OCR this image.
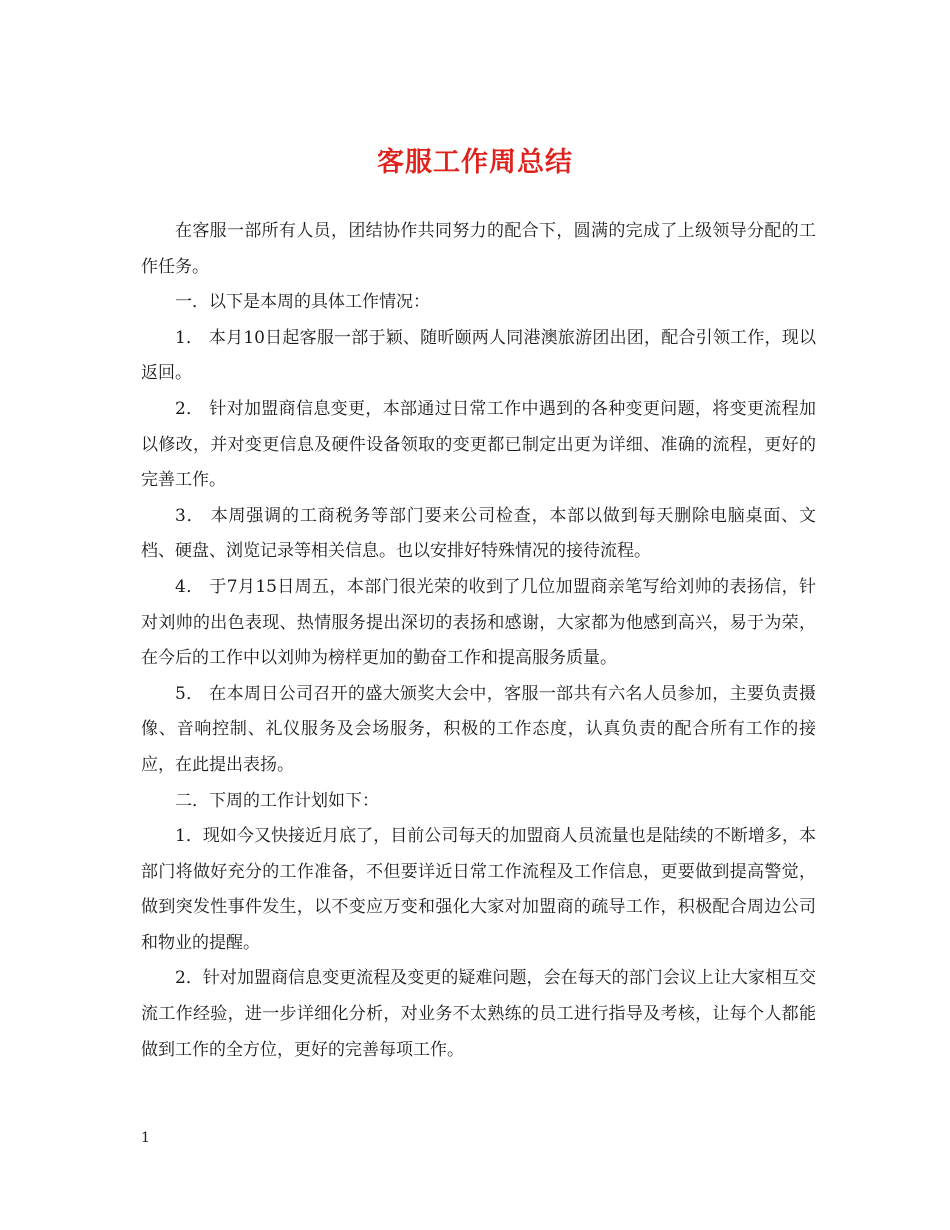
客服工作周总结

在客服一部所有人员，团结协作共同努力的配合下，圆满的完成了上级领导分配的工作任务。

一．以下是本周的具体工作情况：

1． 本月10日起客服一部于颖、随昕颐两人同港澳旅游团出团，配合引领工作，现以返回。

2． 针对加盟商信息变更，本部通过日常工作中遇到的各种变更问题，将变更流程加以修改，并对变更信息及硬件设备领取的变更都已制定出更为详细、准确的流程，更好的完善工作。

3． 本周强调的工商税务等部门要来公司检查，本部以做到每天删除电脑桌面、文档、硬盘、浏览记录等相关信息。也以安排好特殊情况的接待流程。

4． 于7月15日周五，本部门很光荣的收到了几位加盟商亲笔写给刘帅的表扬信，针对刘帅的出色表现、热情服务提出深切的表扬和感谢，大家都为他感到高兴，易于为荣，在今后的工作中以刘帅为榜样更加的勤奋工作和提高服务质量。

5． 在本周日公司召开的盛大颁奖大会中，客服一部共有六名人员参加，主要负责摄像、音响控制、礼仪服务及会场服务，积极的工作态度，认真负责的配合所有工作的接应，在此提出表扬。

二．下周的工作计划如下：

1．现如今又快接近月底了，目前公司每天的加盟商人员流量也是陆续的不断增多，本部门将做好充分的工作准备，不但要详近日常工作流程及工作信息，更要做到提高警觉，做到突发性事件发生，以不变应万变和强化大家对加盟商的疏导工作，积极配合周边公司和物业的提醒。

2．针对加盟商信息变更流程及变更的疑难问题，会在每天的部门会议上让大家相互交流工作经验，进一步详细化分析，对业务不太熟练的员工进行指导及考核，让每个人都能做到工作的全方位，更好的完善每项工作。

1
